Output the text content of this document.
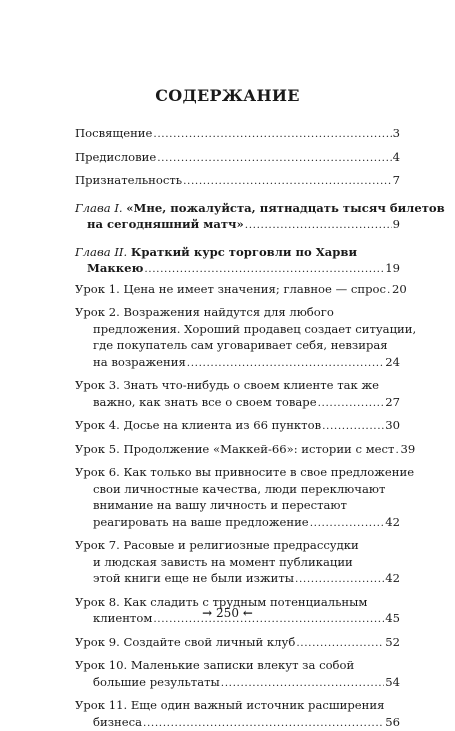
СОДЕРЖАНИЕ
Посвящение .....	3
Предисловие .....	4
Признательность .....	7
Глава I. «Мне, пожалуйста, пятнадцать тысяч билетов
на сегодняшний матч» .....	9
Глава II. Краткий курс торговли по Харви
Маккею .....	19
Урок 1. Цена не имеет значения; главное — спрос ..... 20
Урок 2. Возражения найдутся для любого
предложения. Хороший продавец создает ситуации,
где покупатель сам уговаривает себя, невзирая
на возражения .....	24
Урок 3. Знать что-нибудь о своем клиенте так же
важно, как знать все о своем товаре .....	27
Урок 4. Досье на клиента из 66 пунктов .....	30
Урок 5. Продолжение «Маккей-66»: истории с мест ..... 39
Урок 6. Как только вы привносите в свое предложение
свои личностные качества, люди переключают
внимание на вашу личность и перестают
реагировать на ваше предложение .....	42
Урок 7. Расовые и религиозные предрассудки
и людская зависть на момент публикации
этой книги еще не были изжиты .....	42
Урок 8. Как сладить с трудным потенциальным
клиентом .....	45
Урок 9. Создайте свой личный клуб .....	52
Урок 10. Маленькие записки влекут за собой
большие результаты .....	54
Урок 11. Еще один важный источник расширения
бизнеса .....	56
→ 250 ←
